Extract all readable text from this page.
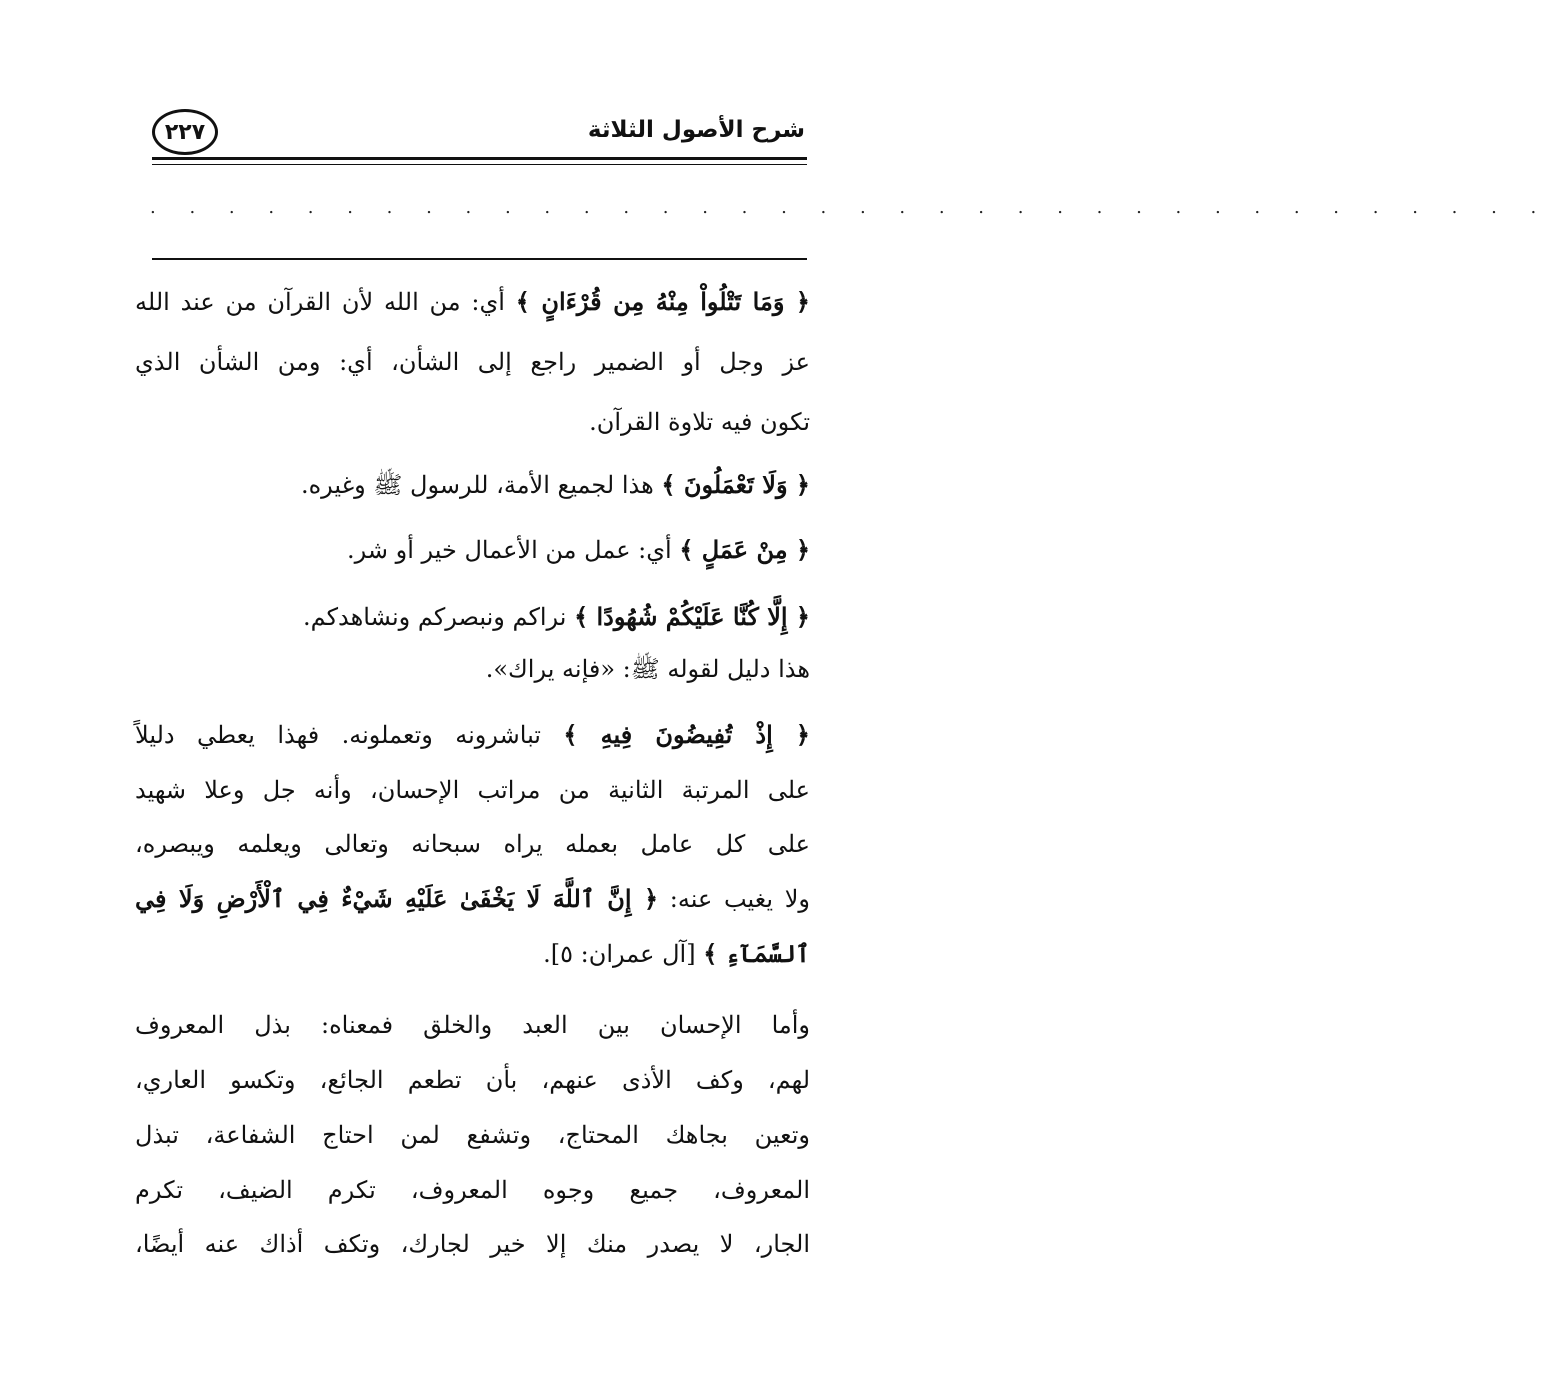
شرح الأصول الثلاثة
٢٢٧
. . . . . . . . . . . . . . . . . . . . . . . . . . . . . . . . . . . .
﴿ وَمَا تَتْلُواْ مِنْهُ مِن قُرْءَانٍ ﴾ أي: من الله لأن القرآن من عند الله
عز وجل أو الضمير راجع إلى الشأن، أي: ومن الشأن الذي
تكون فيه تلاوة القرآن.
﴿ وَلَا تَعْمَلُونَ ﴾ هذا لجميع الأمة، للرسول ﷺ وغيره.
﴿ مِنْ عَمَلٍ ﴾ أي: عمل من الأعمال خير أو شر.
﴿ إِلَّا كُنَّا عَلَيْكُمْ شُهُودًا ﴾ نراكم ونبصركم ونشاهدكم.
هذا دليل لقوله ﷺ: «فإنه يراك».
﴿ إِذْ تُفِيضُونَ فِيهِ ﴾ تباشرونه وتعملونه. فهذا يعطي دليلاً
على المرتبة الثانية من مراتب الإحسان، وأنه جل وعلا شهيد
على كل عامل بعمله يراه سبحانه وتعالى ويعلمه ويبصره،
ولا يغيب عنه: ﴿ إِنَّ ٱللَّهَ لَا يَخْفَىٰ عَلَيْهِ شَيْءٌ فِي ٱلْأَرْضِ وَلَا فِي
ٱلسَّمَآءِ ﴾ [آل عمران: ٥].
وأما الإحسان بين العبد والخلق فمعناه: بذل المعروف
لهم، وكف الأذى عنهم، بأن تطعم الجائع، وتكسو العاري،
وتعين بجاهك المحتاج، وتشفع لمن احتاج الشفاعة، تبذل
المعروف، جميع وجوه المعروف، تكرم الضيف، تكرم
الجار، لا يصدر منك إلا خير لجارك، وتكف أذاك عنه أيضًا،
